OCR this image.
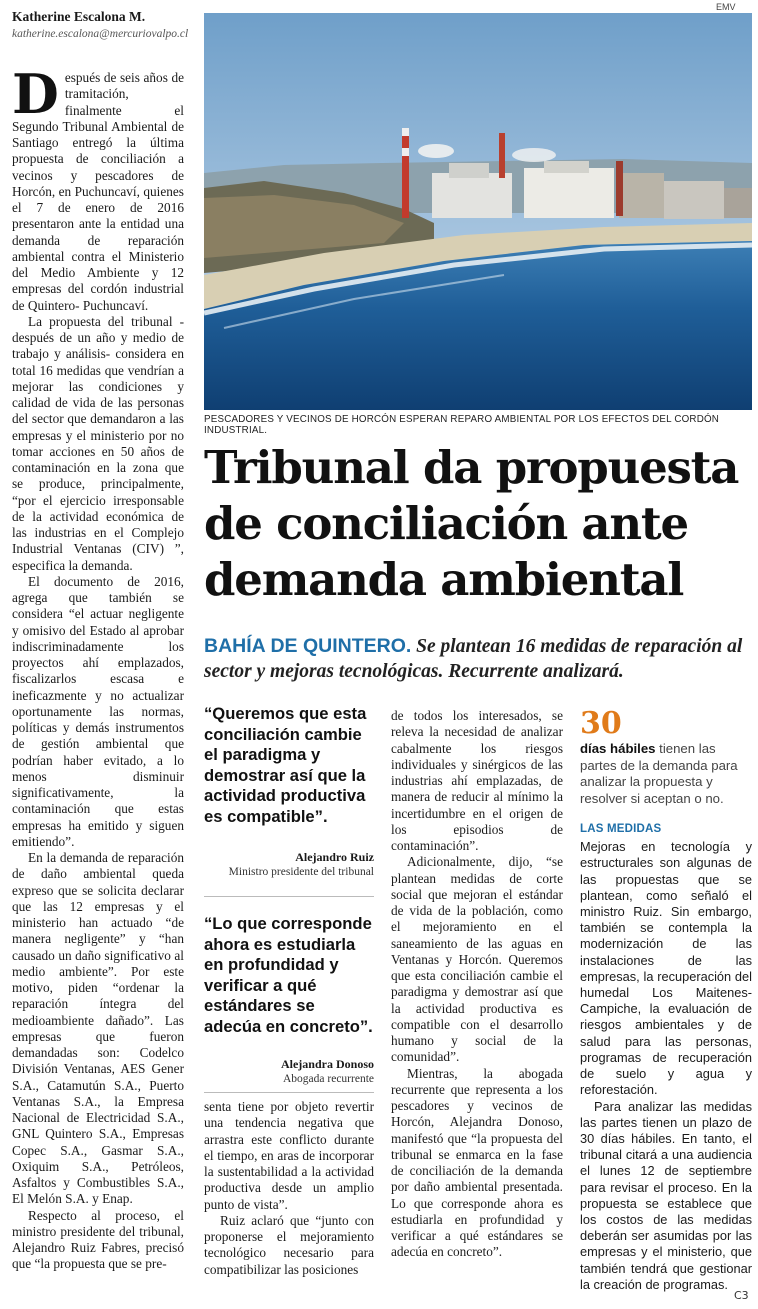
Katherine Escalona M.
katherine.escalona@mercuriovalpo.cl

Después de seis años de tramitación, finalmente el Segundo Tribunal Ambiental de Santiago entregó la última propuesta de conciliación a vecinos y pescadores de Horcón, en Puchuncaví, quienes el 7 de enero de 2016 presentaron ante la entidad una demanda de reparación ambiental contra el Ministerio del Medio Ambiente y 12 empresas del cordón industrial de Quintero- Puchuncaví.

La propuesta del tribunal -después de un año y medio de trabajo y análisis- considera en total 16 medidas que vendrían a mejorar las condiciones y calidad de vida de las personas del sector que demandaron a las empresas y el ministerio por no tomar acciones en 50 años de contaminación en la zona que se produce, principalmente, “por el ejercicio irresponsable de la actividad económica de las industrias en el Complejo Industrial Ventanas (CIV) ”, especifica la demanda.

El documento de 2016, agrega que también se considera “el actuar negligente y omisivo del Estado al aprobar indiscriminadamente los proyectos ahí emplazados, fiscalizarlos escasa e ineficazmente y no actualizar oportunamente las normas, políticas y demás instrumentos de gestión ambiental que podrían haber evitado, a lo menos disminuir significativamente, la contaminación que estas empresas ha emitido y siguen emitiendo”.

En la demanda de reparación de daño ambiental queda expreso que se solicita declarar que las 12 empresas y el ministerio han actuado “de manera negligente” y “han causado un daño significativo al medio ambiente”. Por este motivo, piden “ordenar la reparación íntegra del medioambiente dañado”. Las empresas que fueron demandadas son: Codelco División Ventanas, AES Gener S.A., Catamutún S.A., Puerto Ventanas S.A., la Empresa Nacional de Electricidad S.A., GNL Quintero S.A., Empresas Copec S.A., Gasmar S.A., Oxiquim S.A., Petróleos, Asfaltos y Combustibles S.A., El Melón S.A. y Enap.

Respecto al proceso, el ministro presidente del tribunal, Alejandro Ruiz Fabres, precisó que “la propuesta que se pre-

EMV
PESCADORES Y VECINOS DE HORCÓN ESPERAN REPARO AMBIENTAL POR LOS EFECTOS DEL CORDÓN INDUSTRIAL.
Tribunal da propuesta de conciliación ante demanda ambiental
BAHÍA DE QUINTERO. Se plantean 16 medidas de reparación al sector y mejoras tecnológicas. Recurrente analizará.
“Queremos que esta conciliación cambie el paradigma y demostrar así que la actividad productiva es compatible”.
Alejandro Ruiz
Ministro presidente del tribunal
“Lo que corresponde ahora es estudiarla en profundidad y verificar a qué estándares se adecúa en concreto”.
Alejandra Donoso
Abogada recurrente

senta tiene por objeto revertir una tendencia negativa que arrastra este conflicto durante el tiempo, en aras de incorporar la sustentabilidad a la actividad productiva desde un amplio punto de vista”.

Ruiz aclaró que “junto con proponerse el mejoramiento tecnológico necesario para compatibilizar las posiciones

de todos los interesados, se releva la necesidad de analizar cabalmente los riesgos individuales y sinérgicos de las industrias ahí emplazadas, de manera de reducir al mínimo la incertidumbre en el origen de los episodios de contaminación”.

Adicionalmente, dijo, “se plantean medidas de corte social que mejoran el estándar de vida de la población, como el mejoramiento en el saneamiento de las aguas en Ventanas y Horcón. Queremos que esta conciliación cambie el paradigma y demostrar así que la actividad productiva es compatible con el desarrollo humano y social de la comunidad”.

Mientras, la abogada recurrente que representa a los pescadores y vecinos de Horcón, Alejandra Donoso, manifestó que “la propuesta del tribunal se enmarca en la fase de conciliación de la demanda por daño ambiental presentada. Lo que corresponde ahora es estudiarla en profundidad y verificar a qué estándares se adecúa en concreto”.

30
días hábiles tienen las partes de la demanda para analizar la propuesta y resolver si aceptan o no.
LAS MEDIDAS

Mejoras en tecnología y estructurales son algunas de las propuestas que se plantean, como señaló el ministro Ruiz. Sin embargo, también se contempla la modernización de las instalaciones de las empresas, la recuperación del humedal Los Maitenes-Campiche, la evaluación de riesgos ambientales y de salud para las personas, programas de recuperación de suelo y agua y reforestación.

Para analizar las medidas las partes tienen un plazo de 30 días hábiles. En tanto, el tribunal citará a una audiencia el lunes 12 de septiembre para revisar el proceso. En la propuesta se establece que los costos de las medidas deberán ser asumidas por las empresas y el ministerio, que también tendrá que gestionar la creación de programas.

C3
